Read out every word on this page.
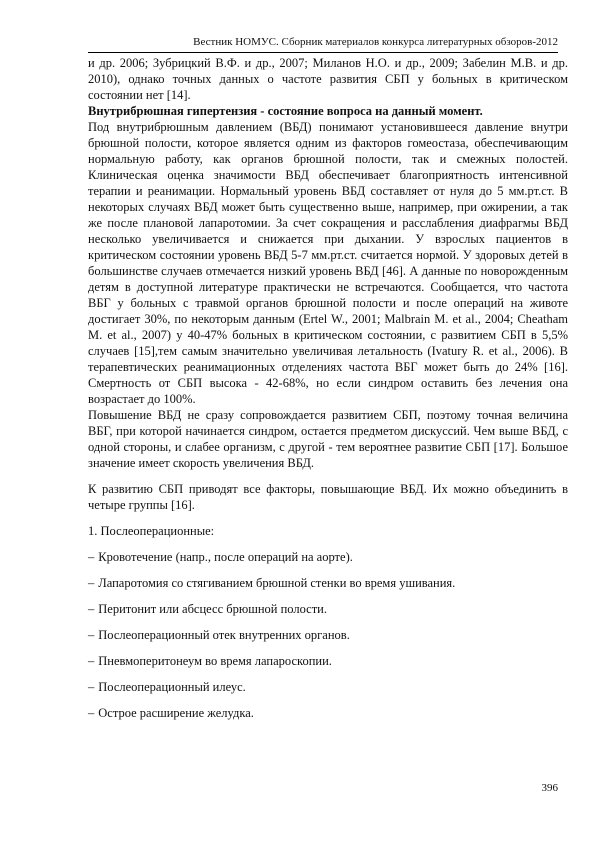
Вестник НОМУС. Сборник материалов конкурса литературных обзоров-2012

и др. 2006; Зубрицкий В.Ф. и др., 2007; Миланов Н.О. и др., 2009; Забелин М.В. и др. 2010), однако точных данных о частоте развития СБП у больных в критическом состоянии нет [14].

Внутрибрюшная гипертензия - состояние вопроса на данный момент.

Под внутрибрюшным давлением (ВБД) понимают установившееся давление внутри брюшной полости, которое является одним из факторов гомеостаза, обеспечивающим нормальную работу, как органов брюшной полости, так и смежных полостей. Клиническая оценка значимости ВБД обеспечивает благоприятность интенсивной терапии и реанимации. Нормальный уровень ВБД составляет от нуля до 5 мм.рт.ст. В некоторых случаях ВБД может быть существенно выше, например, при ожирении, а так же после плановой лапаротомии. За счет сокращения и расслабления диафрагмы ВБД несколько увеличивается и снижается при дыхании. У взрослых пациентов в критическом состоянии уровень ВБД 5-7 мм.рт.ст. считается нормой. У здоровых детей в большинстве случаев отмечается низкий уровень ВБД [46]. А данные по новорожденным детям в доступной литературе практически не встречаются. Сообщается, что частота ВБГ у больных с травмой органов брюшной полости и после операций на животе достигает 30%, по некоторым данным (Ertel W., 2001; Malbrain M. et al., 2004; Cheatham M. et al., 2007) у 40-47% больных в критическом состоянии, с развитием СБП в 5,5% случаев [15],тем самым значительно увеличивая летальность (Ivatury R. et al., 2006). В терапевтических реанимационных отделениях частота ВБГ может быть до 24% [16]. Смертность от СБП высока - 42-68%, но если синдром оставить без лечения она возрастает до 100%.

Повышение ВБД не сразу сопровождается развитием СБП, поэтому точная величина ВБГ, при которой начинается синдром, остается предметом дискуссий. Чем выше ВБД, с одной стороны, и слабее организм, с другой - тем вероятнее развитие СБП [17]. Большое значение имеет скорость увеличения ВБД.

К развитию СБП приводят все факторы, повышающие ВБД. Их можно объединить в четыре группы [16].

1. Послеоперационные:

– Кровотечение (напр., после операций на аорте).
– Лапаротомия со стягиванием брюшной стенки во время ушивания.
– Перитонит или абсцесс брюшной полости.
– Послеоперационный отек внутренних органов.
– Пневмоперитонеум во время лапароскопии.
– Послеоперационный илеус.
– Острое расширение желудка.
396
